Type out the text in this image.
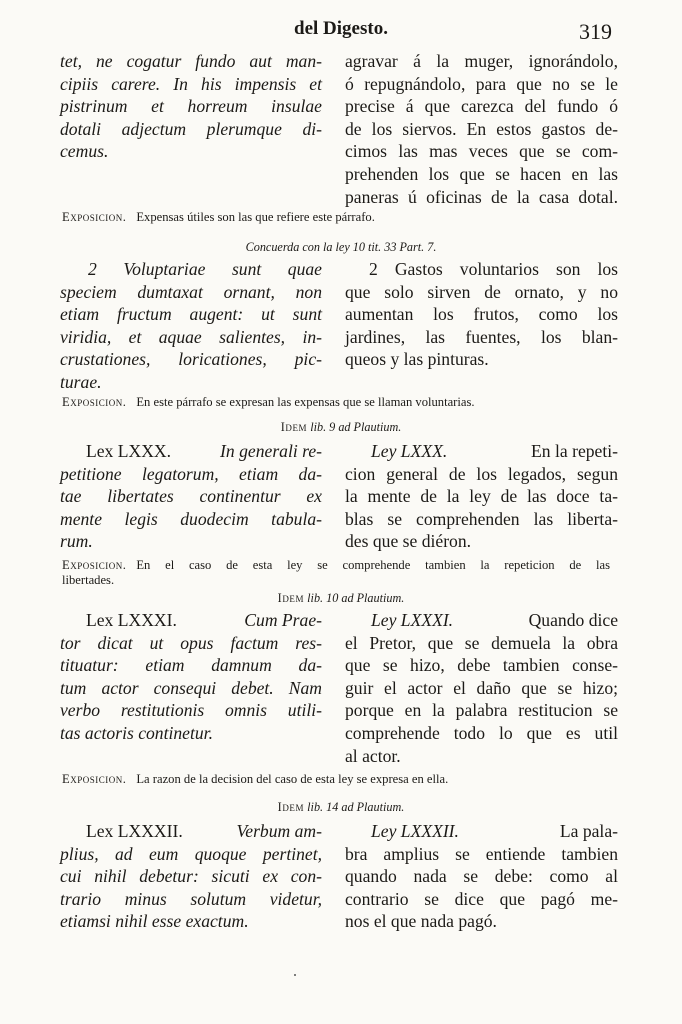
del Digesto.	319
tet, ne cogatur fundo aut man-
cipiis carere. In his impensis et
pistrinum et horreum insulae
dotali adjectum plerumque di-
cemus.
agravar á la muger, ignorándolo,
ó repugnándolo, para que no se le
precise á que carezca del fundo ó
de los siervos. En estos gastos de-
cimos las mas veces que se com-
prehenden los que se hacen en las
paneras ú oficinas de la casa dotal.
Exposicion. Expensas útiles son las que refiere este párrafo.
Concuerda con la ley 10 tit. 33 Part. 7.
2 Voluptariae sunt quae
speciem dumtaxat ornant, non
etiam fructum augent: ut sunt
viridia, et aquae salientes, in-
crustationes, loricationes, pic-
turae.
2 Gastos voluntarios son los
que solo sirven de ornato, y no
aumentan los frutos, como los
jardines, las fuentes, los blan-
queos y las pinturas.
Exposicion. En este párrafo se expresan las expensas que se llaman voluntarias.
Idem lib. 9 ad Plautium.
Lex LXXX.	In generali re-
petitione legatorum, etiam da-
tae libertates continentur ex
mente legis duodecim tabula-
rum.
Ley LXXX.	En la repeti-
cion general de los legados, segun
la mente de la ley de las doce ta-
blas se comprehenden las liberta-
des que se diéron.
Exposicion. En el caso de esta ley se comprehende tambien la repeticion de las
libertades.
Idem lib. 10 ad Plautium.
Lex LXXXI.	Cum Prae-
tor dicat ut opus factum res-
tituatur: etiam damnum da-
tum actor consequi debet. Nam
verbo restitutionis omnis utili-
tas actoris continetur.
Ley LXXXI.	Quando dice
el Pretor, que se demuela la obra
que se hizo, debe tambien conse-
guir el actor el daño que se hizo;
porque en la palabra restitucion se
comprehende todo lo que es util
al actor.
Exposicion. La razon de la decision del caso de esta ley se expresa en ella.
Idem lib. 14 ad Plautium.
Lex LXXXII.	Verbum am-
plius, ad eum quoque pertinet,
cui nihil debetur: sicuti ex con-
trario minus solutum videtur,
etiamsi nihil esse exactum.
Ley LXXXII.	La pala-
bra amplius se entiende tambien
quando nada se debe: como al
contrario se dice que pagó me-
nos el que nada pagó.
